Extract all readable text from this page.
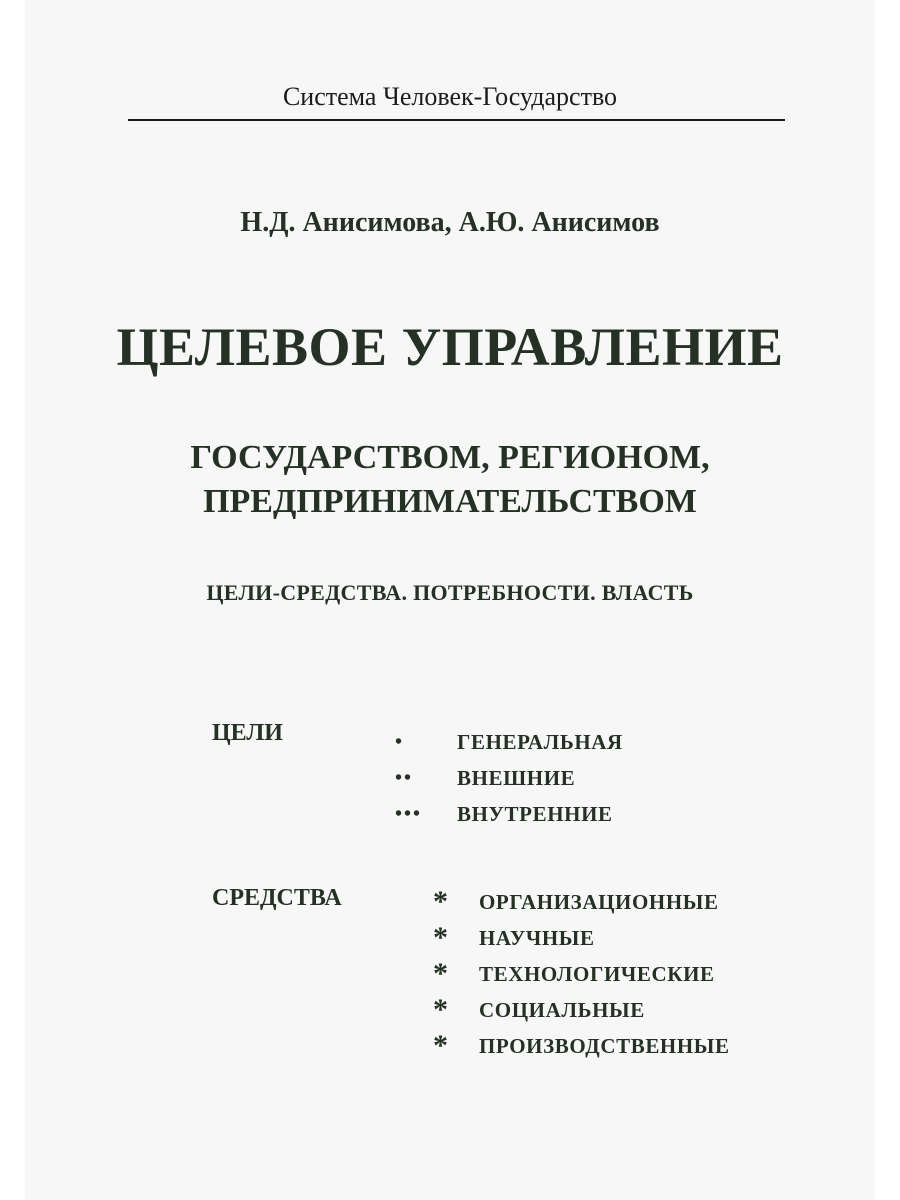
Система Человек-Государство
Н.Д. Анисимова, А.Ю. Анисимов
ЦЕЛЕВОЕ УПРАВЛЕНИЕ
ГОСУДАРСТВОМ, РЕГИОНОМ,
ПРЕДПРИНИМАТЕЛЬСТВОМ
ЦЕЛИ-СРЕДСТВА. ПОТРЕБНОСТИ. ВЛАСТЬ
ЦЕЛИ	•	ГЕНЕРАЛЬНАЯ
••	ВНЕШНИЕ
•••	ВНУТРЕННИЕ
СРЕДСТВА	*	ОРГАНИЗАЦИОННЫЕ
*	НАУЧНЫЕ
*	ТЕХНОЛОГИЧЕСКИЕ
*	СОЦИАЛЬНЫЕ
*	ПРОИЗВОДСТВЕННЫЕ
